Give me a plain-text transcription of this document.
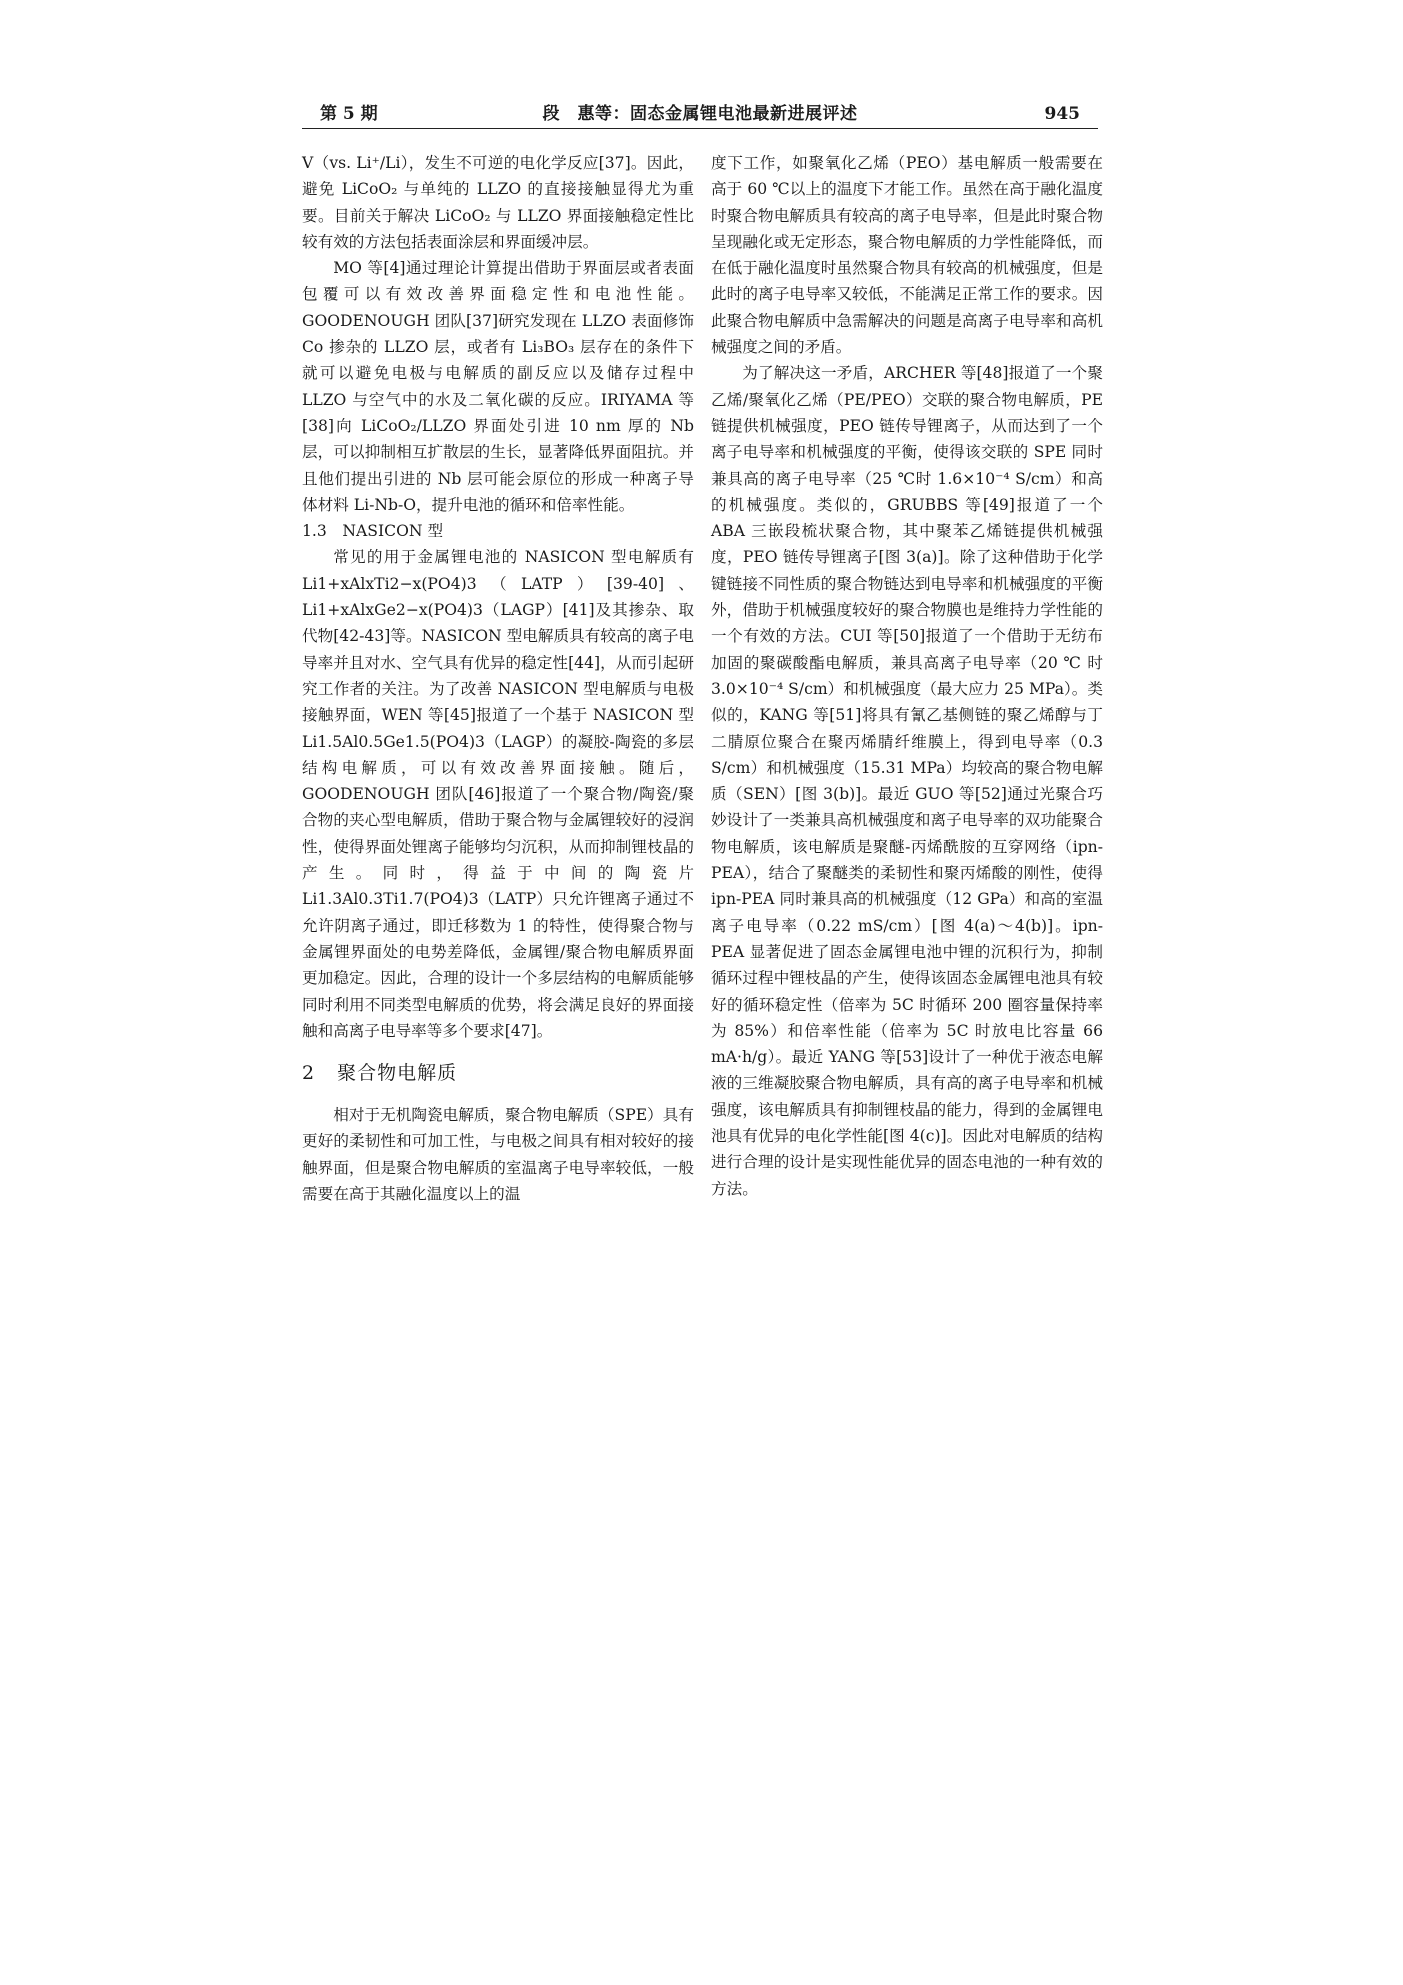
第 5 期	段　惠等：固态金属锂电池最新进展评述	945

V（vs. Li⁺/Li），发生不可逆的电化学反应[37]。因此，避免 LiCoO₂ 与单纯的 LLZO 的直接接触显得尤为重要。目前关于解决 LiCoO₂ 与 LLZO 界面接触稳定性比较有效的方法包括表面涂层和界面缓冲层。

MO 等[4]通过理论计算提出借助于界面层或者表面包覆可以有效改善界面稳定性和电池性能。GOODENOUGH 团队[37]研究发现在 LLZO 表面修饰 Co 掺杂的 LLZO 层，或者有 Li₃BO₃ 层存在的条件下就可以避免电极与电解质的副反应以及储存过程中 LLZO 与空气中的水及二氧化碳的反应。IRIYAMA 等[38]向 LiCoO₂/LLZO 界面处引进 10 nm 厚的 Nb 层，可以抑制相互扩散层的生长，显著降低界面阻抗。并且他们提出引进的 Nb 层可能会原位的形成一种离子导体材料 Li-Nb-O，提升电池的循环和倍率性能。

1.3　NASICON 型

常见的用于金属锂电池的 NASICON 型电解质有 Li1+xAlxTi2−x(PO4)3（LATP）[39-40]、Li1+xAlxGe2−x(PO4)3（LAGP）[41]及其掺杂、取代物[42-43]等。NASICON 型电解质具有较高的离子电导率并且对水、空气具有优异的稳定性[44]，从而引起研究工作者的关注。为了改善 NASICON 型电解质与电极接触界面，WEN 等[45]报道了一个基于 NASICON 型 Li1.5Al0.5Ge1.5(PO4)3（LAGP）的凝胶-陶瓷的多层结构电解质，可以有效改善界面接触。随后，GOODENOUGH 团队[46]报道了一个聚合物/陶瓷/聚合物的夹心型电解质，借助于聚合物与金属锂较好的浸润性，使得界面处锂离子能够均匀沉积，从而抑制锂枝晶的产生。同时，得益于中间的陶瓷片 Li1.3Al0.3Ti1.7(PO4)3（LATP）只允许锂离子通过不允许阴离子通过，即迁移数为 1 的特性，使得聚合物与金属锂界面处的电势差降低，金属锂/聚合物电解质界面更加稳定。因此，合理的设计一个多层结构的电解质能够同时利用不同类型电解质的优势，将会满足良好的界面接触和高离子电导率等多个要求[47]。

2 聚合物电解质

相对于无机陶瓷电解质，聚合物电解质（SPE）具有更好的柔韧性和可加工性，与电极之间具有相对较好的接触界面，但是聚合物电解质的室温离子电导率较低，一般需要在高于其融化温度以上的温

度下工作，如聚氧化乙烯（PEO）基电解质一般需要在高于 60 ℃以上的温度下才能工作。虽然在高于融化温度时聚合物电解质具有较高的离子电导率，但是此时聚合物呈现融化或无定形态，聚合物电解质的力学性能降低，而在低于融化温度时虽然聚合物具有较高的机械强度，但是此时的离子电导率又较低，不能满足正常工作的要求。因此聚合物电解质中急需解决的问题是高离子电导率和高机械强度之间的矛盾。

为了解决这一矛盾，ARCHER 等[48]报道了一个聚乙烯/聚氧化乙烯（PE/PEO）交联的聚合物电解质，PE 链提供机械强度，PEO 链传导锂离子，从而达到了一个离子电导率和机械强度的平衡，使得该交联的 SPE 同时兼具高的离子电导率（25 ℃时 1.6×10⁻⁴ S/cm）和高的机械强度。类似的，GRUBBS 等[49]报道了一个 ABA 三嵌段梳状聚合物，其中聚苯乙烯链提供机械强度，PEO 链传导锂离子[图 3(a)]。除了这种借助于化学键链接不同性质的聚合物链达到电导率和机械强度的平衡外，借助于机械强度较好的聚合物膜也是维持力学性能的一个有效的方法。CUI 等[50]报道了一个借助于无纺布加固的聚碳酸酯电解质，兼具高离子电导率（20 ℃ 时 3.0×10⁻⁴ S/cm）和机械强度（最大应力 25 MPa）。类似的，KANG 等[51]将具有氰乙基侧链的聚乙烯醇与丁二腈原位聚合在聚丙烯腈纤维膜上，得到电导率（0.3 S/cm）和机械强度（15.31 MPa）均较高的聚合物电解质（SEN）[图 3(b)]。最近 GUO 等[52]通过光聚合巧妙设计了一类兼具高机械强度和离子电导率的双功能聚合物电解质，该电解质是聚醚-丙烯酰胺的互穿网络（ipn-PEA），结合了聚醚类的柔韧性和聚丙烯酸的刚性，使得 ipn-PEA 同时兼具高的机械强度（12 GPa）和高的室温离子电导率（0.22 mS/cm）[图 4(a)～4(b)]。ipn-PEA 显著促进了固态金属锂电池中锂的沉积行为，抑制循环过程中锂枝晶的产生，使得该固态金属锂电池具有较好的循环稳定性（倍率为 5C 时循环 200 圈容量保持率为 85%）和倍率性能（倍率为 5C 时放电比容量 66 mA·h/g）。最近 YANG 等[53]设计了一种优于液态电解液的三维凝胶聚合物电解质，具有高的离子电导率和机械强度，该电解质具有抑制锂枝晶的能力，得到的金属锂电池具有优异的电化学性能[图 4(c)]。因此对电解质的结构进行合理的设计是实现性能优异的固态电池的一种有效的方法。
